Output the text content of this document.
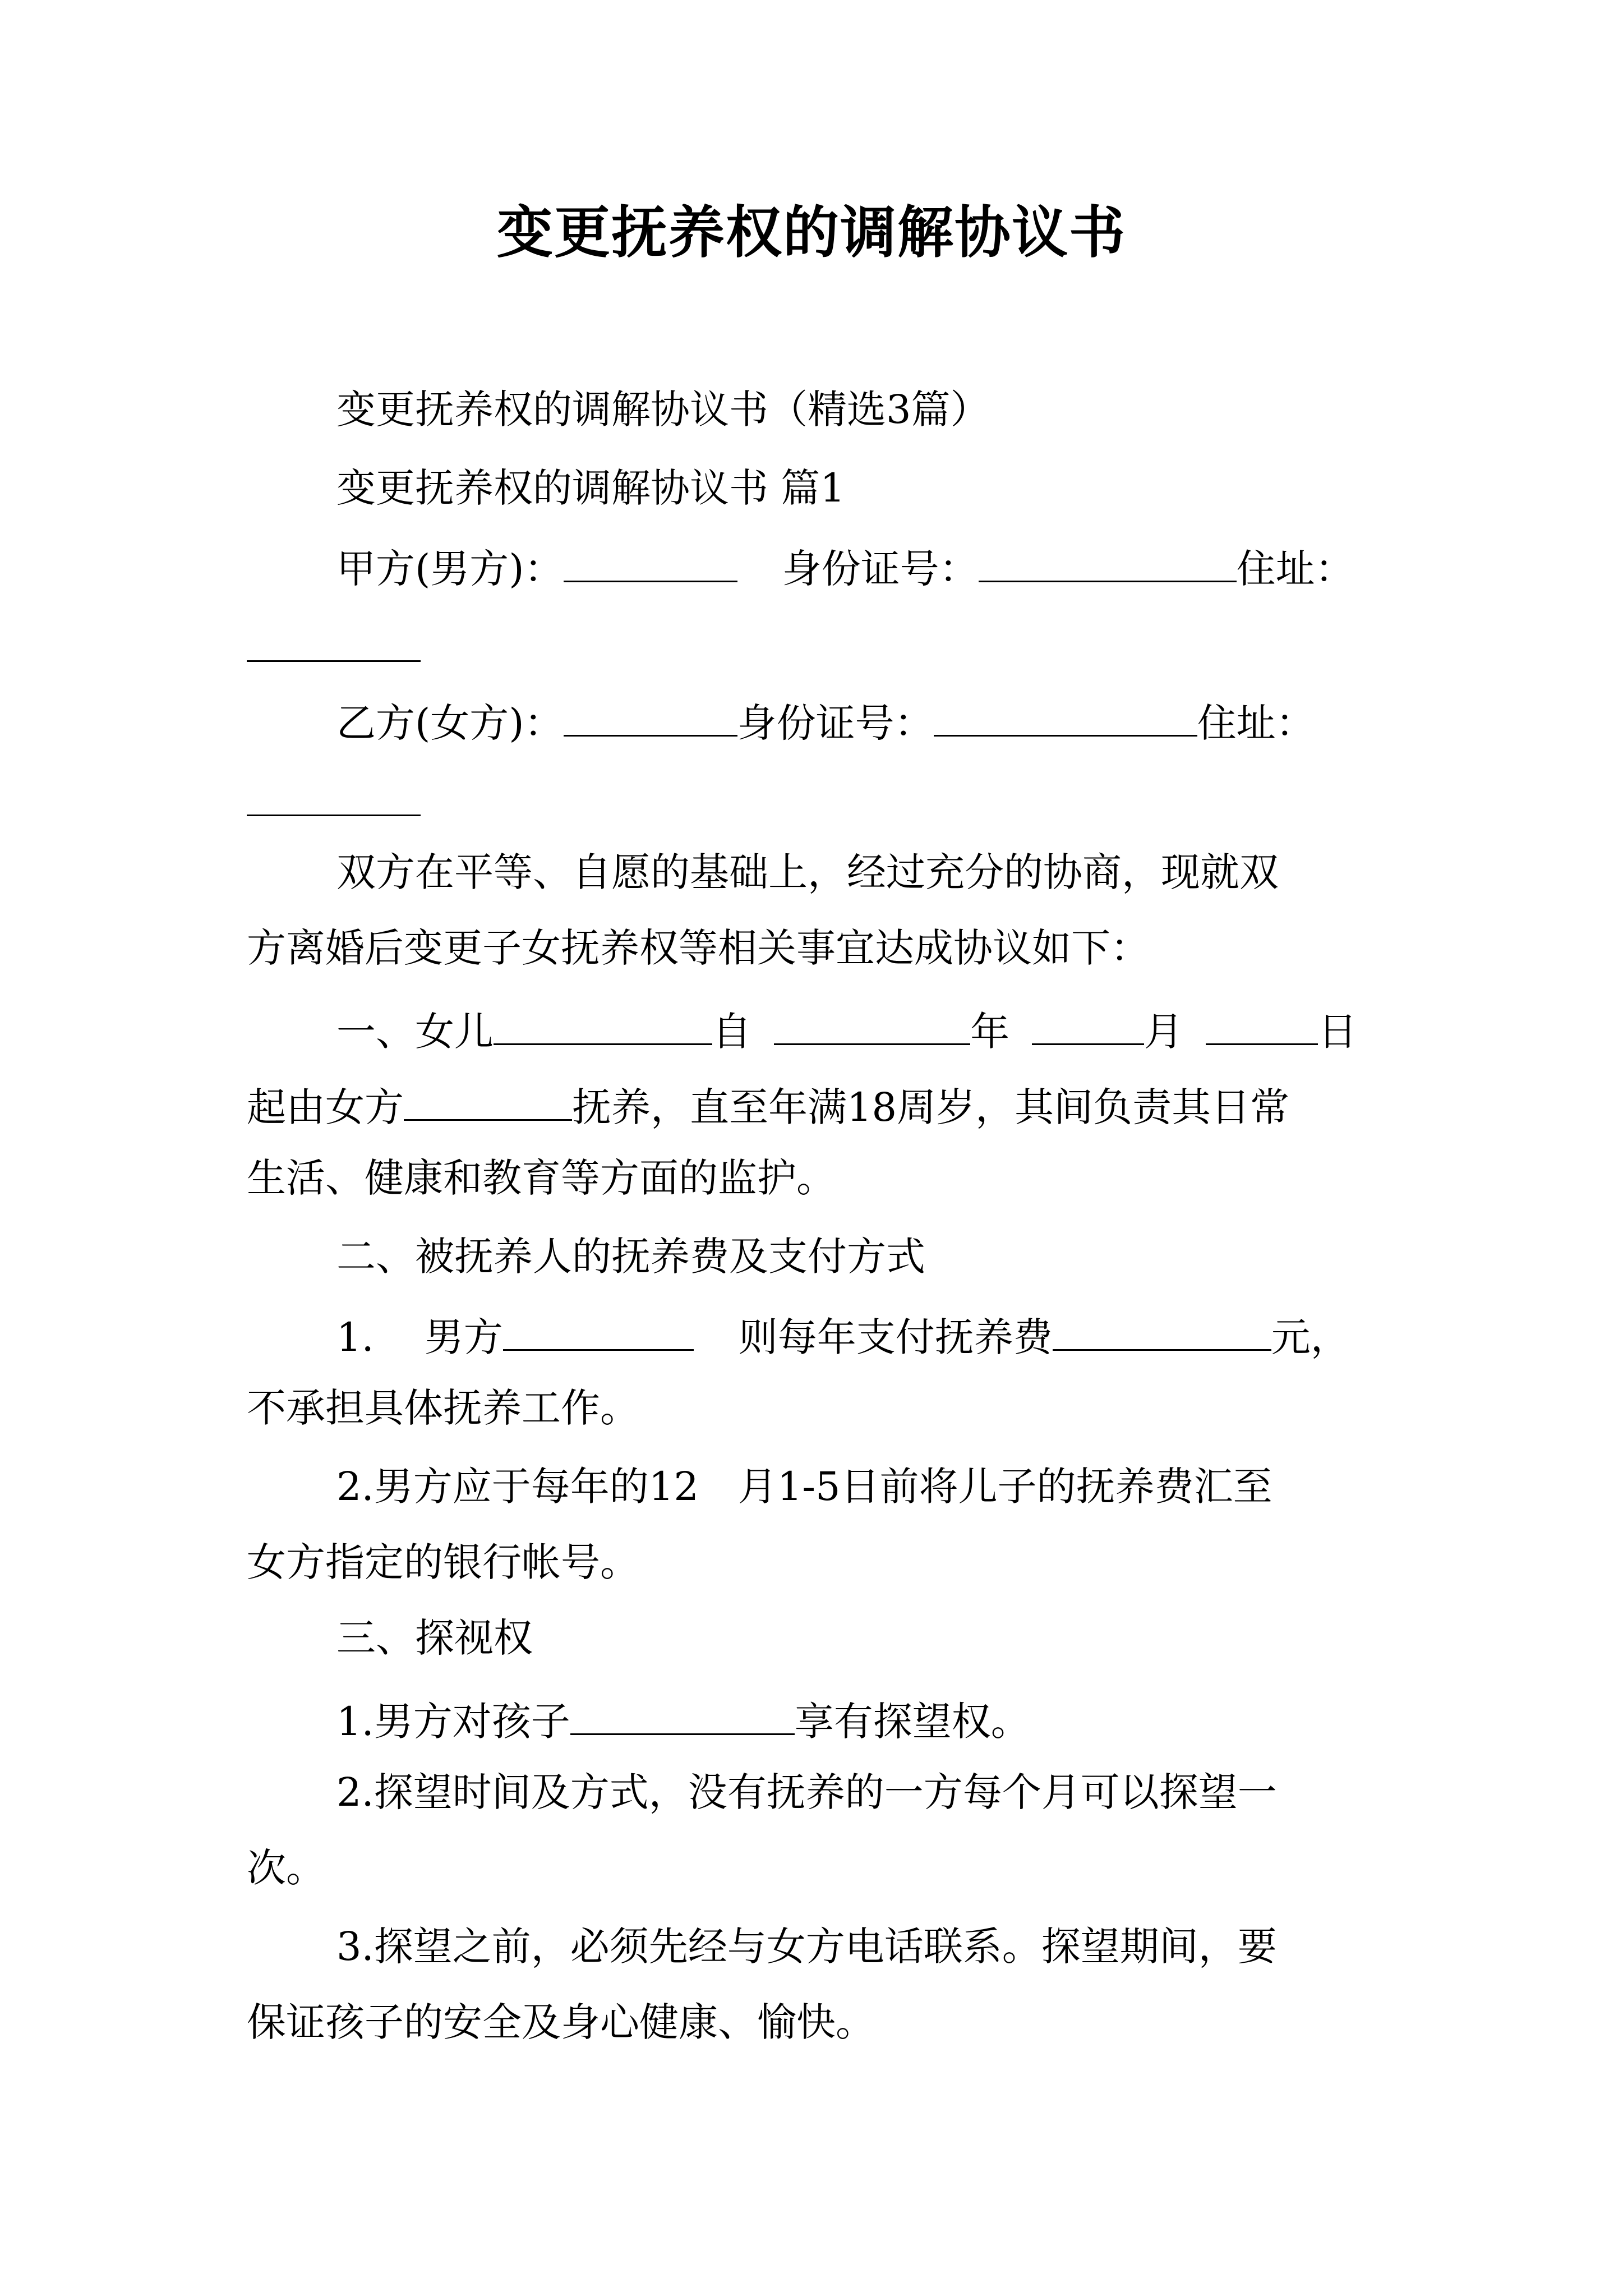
变更抚养权的调解协议书
变更抚养权的调解协议书（精选3篇）
变更抚养权的调解协议书 篇1
甲方(男方)：	身份证号：	住址：
乙方(女方)：	身份证号：	住址：
双方在平等、自愿的基础上，经过充分的协商，现就双
方离婚后变更子女抚养权等相关事宜达成协议如下：
一、女儿	自	年	月	日
起由女方	抚养，直至年满18周岁，其间负责其日常
生活、健康和教育等方面的监护。
二、被抚养人的抚养费及支付方式
1. 男方	则每年支付抚养费	元，
不承担具体抚养工作。
2.男方应于每年的12　月1-5日前将儿子的抚养费汇至
女方指定的银行帐号。
三、探视权
1.男方对孩子	享有探望权。
2.探望时间及方式，没有抚养的一方每个月可以探望一
次。
3.探望之前，必须先经与女方电话联系。探望期间，要
保证孩子的安全及身心健康、愉快。
